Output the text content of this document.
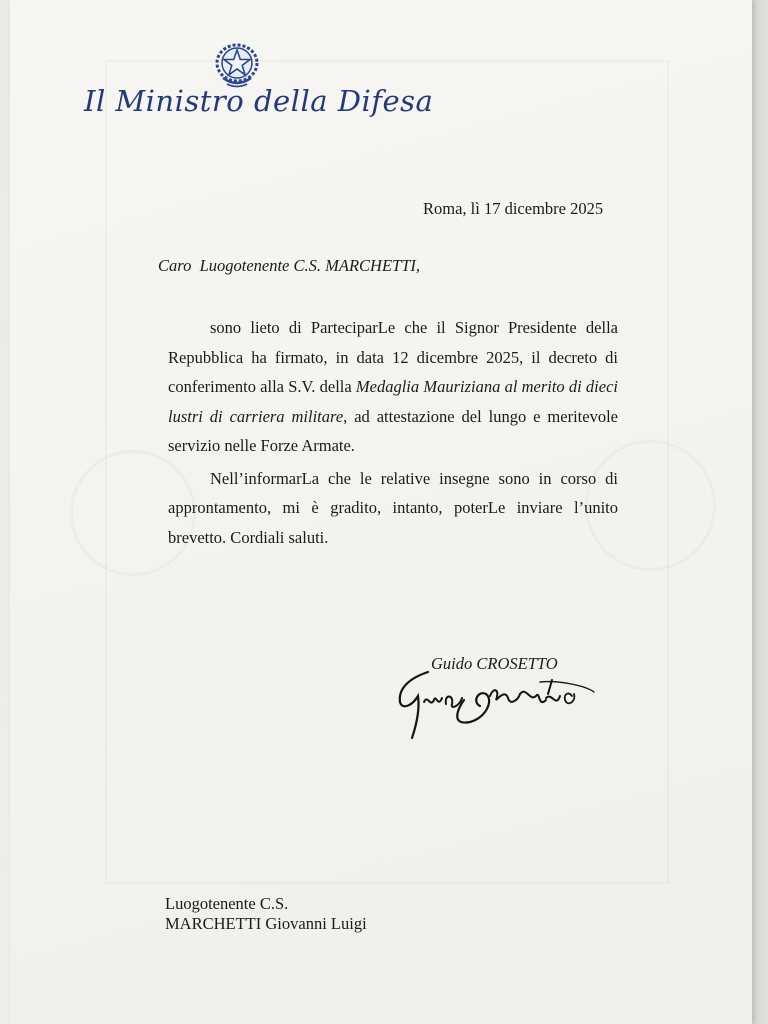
Il Ministro della Difesa
Roma, lì 17 dicembre 2025
Caro  Luogotenente C.S. MARCHETTI,

sono lieto di ParteciparLe che il Signor Presidente della Repubblica ha firmato, in data 12 dicembre 2025, il decreto di conferimento alla S.V. della Medaglia Mauriziana al merito di dieci lustri di carriera militare, ad attestazione del lungo e meritevole servizio nelle Forze Armate.

Nell’informarLa che le relative insegne sono in corso di approntamento, mi è gradito, intanto, poterLe inviare l’unito brevetto. Cordiali saluti.

Guido CROSETTO
Luogotenente C.S.
MARCHETTI Giovanni Luigi
